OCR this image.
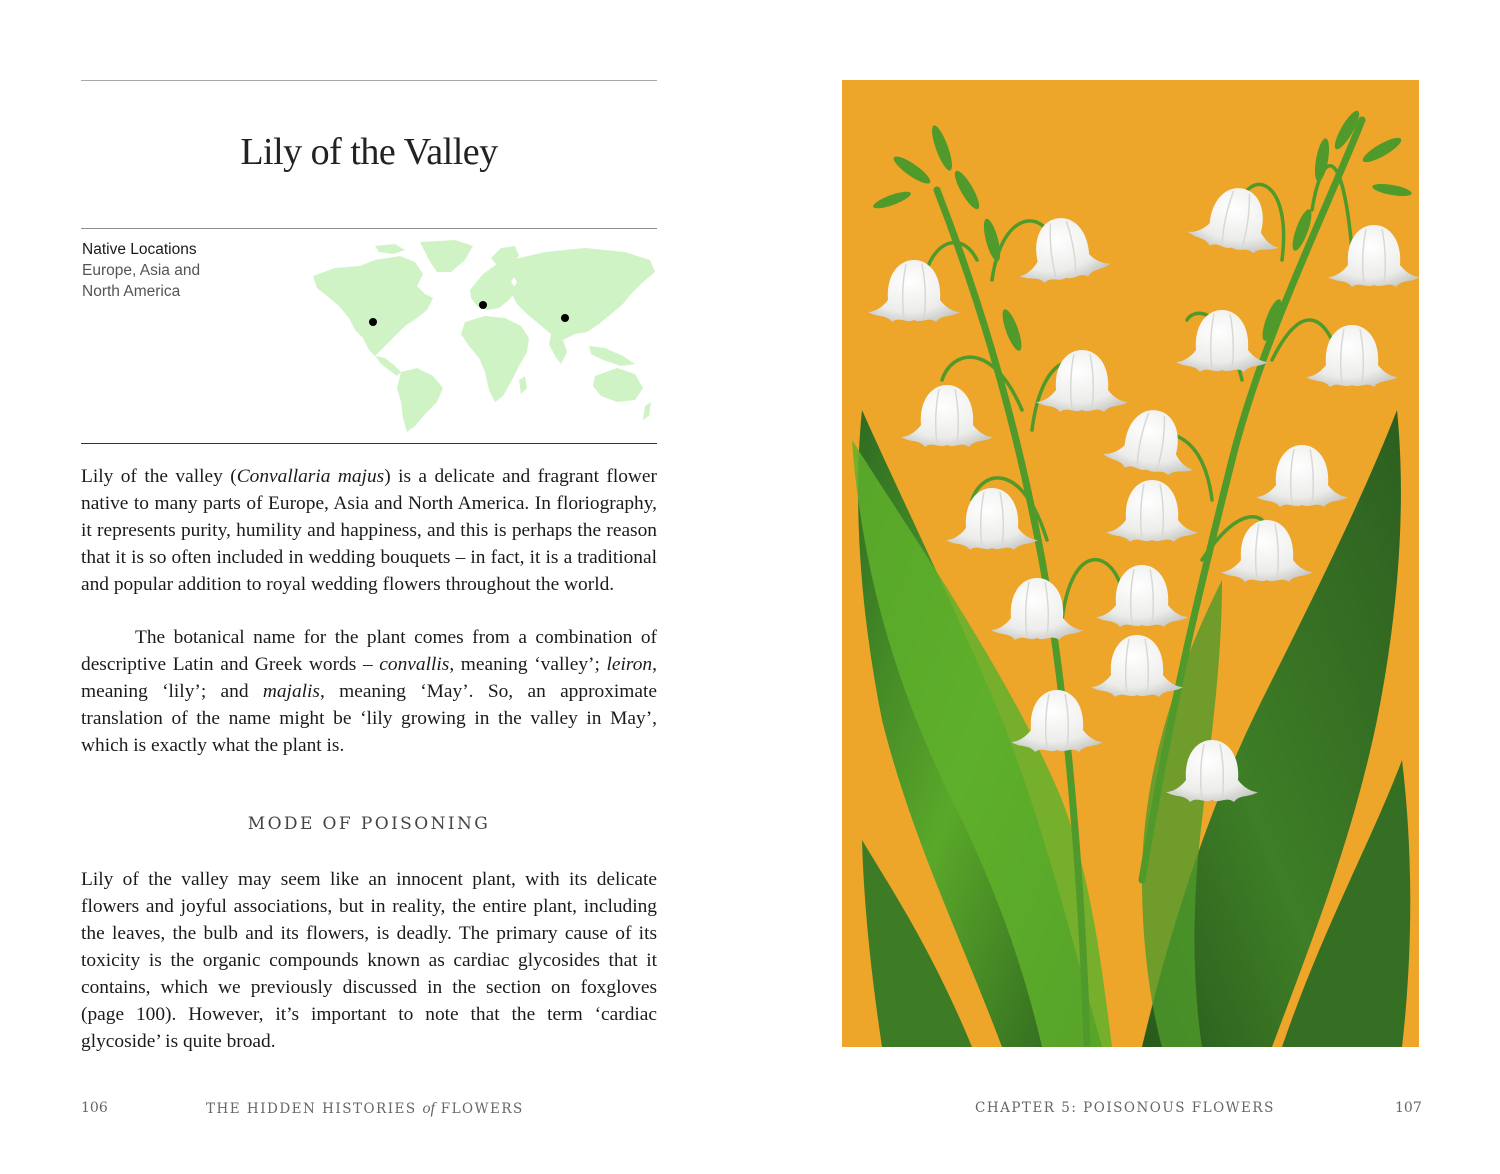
Lily of the Valley
Native Locations
Europe, Asia and North America

Lily of the valley (Convallaria majus) is a delicate and fragrant flower native to many parts of Europe, Asia and North America. In floriography, it represents purity, humility and happiness, and this is perhaps the reason that it is so often included in wedding bouquets – in fact, it is a traditional and popular addition to royal wedding flowers throughout the world.

The botanical name for the plant comes from a combination of descriptive Latin and Greek words – convallis, meaning ‘valley’; leiron, meaning ‘lily’; and majalis, meaning ‘May’. So, an approximate translation of the name might be ‘lily growing in the valley in May’, which is exactly what the plant is.

MODE OF POISONING

Lily of the valley may seem like an innocent plant, with its delicate flowers and joyful associations, but in reality, the entire plant, including the leaves, the bulb and its flowers, is deadly. The primary cause of its toxicity is the organic compounds known as cardiac glycosides that it contains, which we previously discussed in the section on foxgloves (page 100). However, it’s important to note that the term ‘cardiac glycoside’ is quite broad.

106	THE HIDDEN HISTORIES of FLOWERS	CHAPTER 5: POISONOUS FLOWERS	107
